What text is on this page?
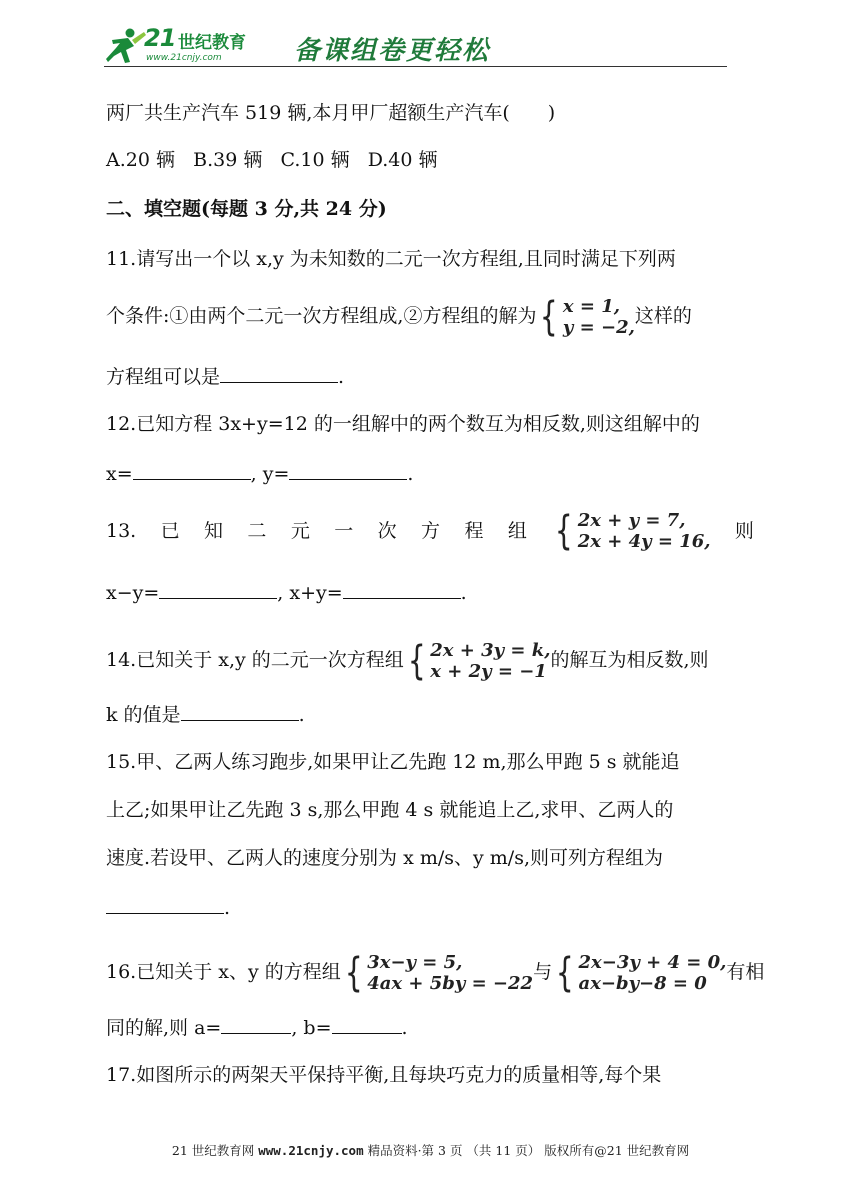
21 世纪教育
www.21cnjy.com	备课组卷更轻松
两厂共生产汽车 519 辆,本月甲厂超额生产汽车(　　)
A.20 辆 B.39 辆 C.10 辆 D.40 辆
二、填空题(每题 3 分,共 24 分)
11.请写出一个以 x,y 为未知数的二元一次方程组,且同时满足下列两
个条件:①由两个二元一次方程组成,②方程组的解为 { x = 1,
y = −2,
这样的
方程组可以是	.
12.已知方程 3x+y=12 的一组解中的两个数互为相反数,则这组解中的
x=	, y=	.
13. 已 知 二 元 一 次 方 程 组 { 2x + y = 7,
2x + 4y = 16, 则
x−y=	, x+y=	.
14.已知关于 x,y 的二元一次方程组 { 2x + 3y = k,
x + 2y = −1
的解互为相反数,则
k 的值是	.
15.甲、乙两人练习跑步,如果甲让乙先跑 12 m,那么甲跑 5 s 就能追
上乙;如果甲让乙先跑 3 s,那么甲跑 4 s 就能追上乙,求甲、乙两人的
速度.若设甲、乙两人的速度分别为 x m/s、y m/s,则可列方程组为
.
16.已知关于 x、y 的方程组 { 3x−y = 5,
4ax + 5by = −22
与 { 2x−3y + 4 = 0,
ax−by−8 = 0
有相
同的解,则 a=	, b=	.
17.如图所示的两架天平保持平衡,且每块巧克力的质量相等,每个果
21 世纪教育网 www.21cnjy.com 精品资料·第 3 页 （共 11 页） 版权所有@21 世纪教育网
